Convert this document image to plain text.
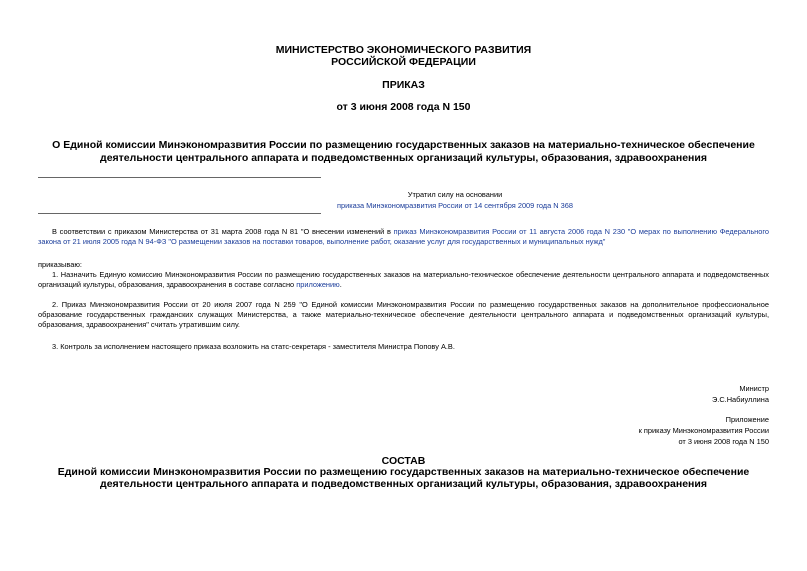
МИНИСТЕРСТВО ЭКОНОМИЧЕСКОГО РАЗВИТИЯ
РОССИЙСКОЙ ФЕДЕРАЦИИ
ПРИКАЗ
от 3 июня 2008 года N 150
О Единой комиссии Минэкономразвития России по размещению государственных заказов на материально-техническое обеспечение деятельности центрального аппарата и подведомственных организаций культуры, образования, здравоохранения
Утратил силу на основании
приказа Минэкономразвития России от 14 сентября 2009 года N 368
В соответствии с приказом Министерства от 31 марта 2008 года N 81 "О внесении изменений в приказ Минэкономразвития России от 11 августа 2006 года N 230 "О мерах по выполнению Федерального закона от 21 июля 2005 года N 94-ФЗ "О размещении заказов на поставки товаров, выполнение работ, оказание услуг для государственных и муниципальных нужд"
приказываю:
1. Назначить Единую комиссию Минэкономразвития России по размещению государственных заказов на материально-техническое обеспечение деятельности центрального аппарата и подведомственных организаций культуры, образования, здравоохранения в составе согласно приложению.
2. Приказ Минэкономразвития России от 20 июля 2007 года N 259 "О Единой комиссии Минэкономразвития России по размещению государственных заказов на дополнительное профессиональное образование государственных гражданских служащих Министерства, а также материально-техническое обеспечение деятельности центрального аппарата и подведомственных организаций культуры, образования, здравоохранения" считать утратившим силу.
3. Контроль за исполнением настоящего приказа возложить на статс-секретаря - заместителя Министра Попову А.В.
Министр
Э.С.Набиуллина
Приложение
к приказу Минэкономразвития России
от 3 июня 2008 года N 150
СОСТАВ
Единой комиссии Минэкономразвития России по размещению государственных заказов на материально-техническое обеспечение деятельности центрального аппарата и подведомственных организаций культуры, образования, здравоохранения
